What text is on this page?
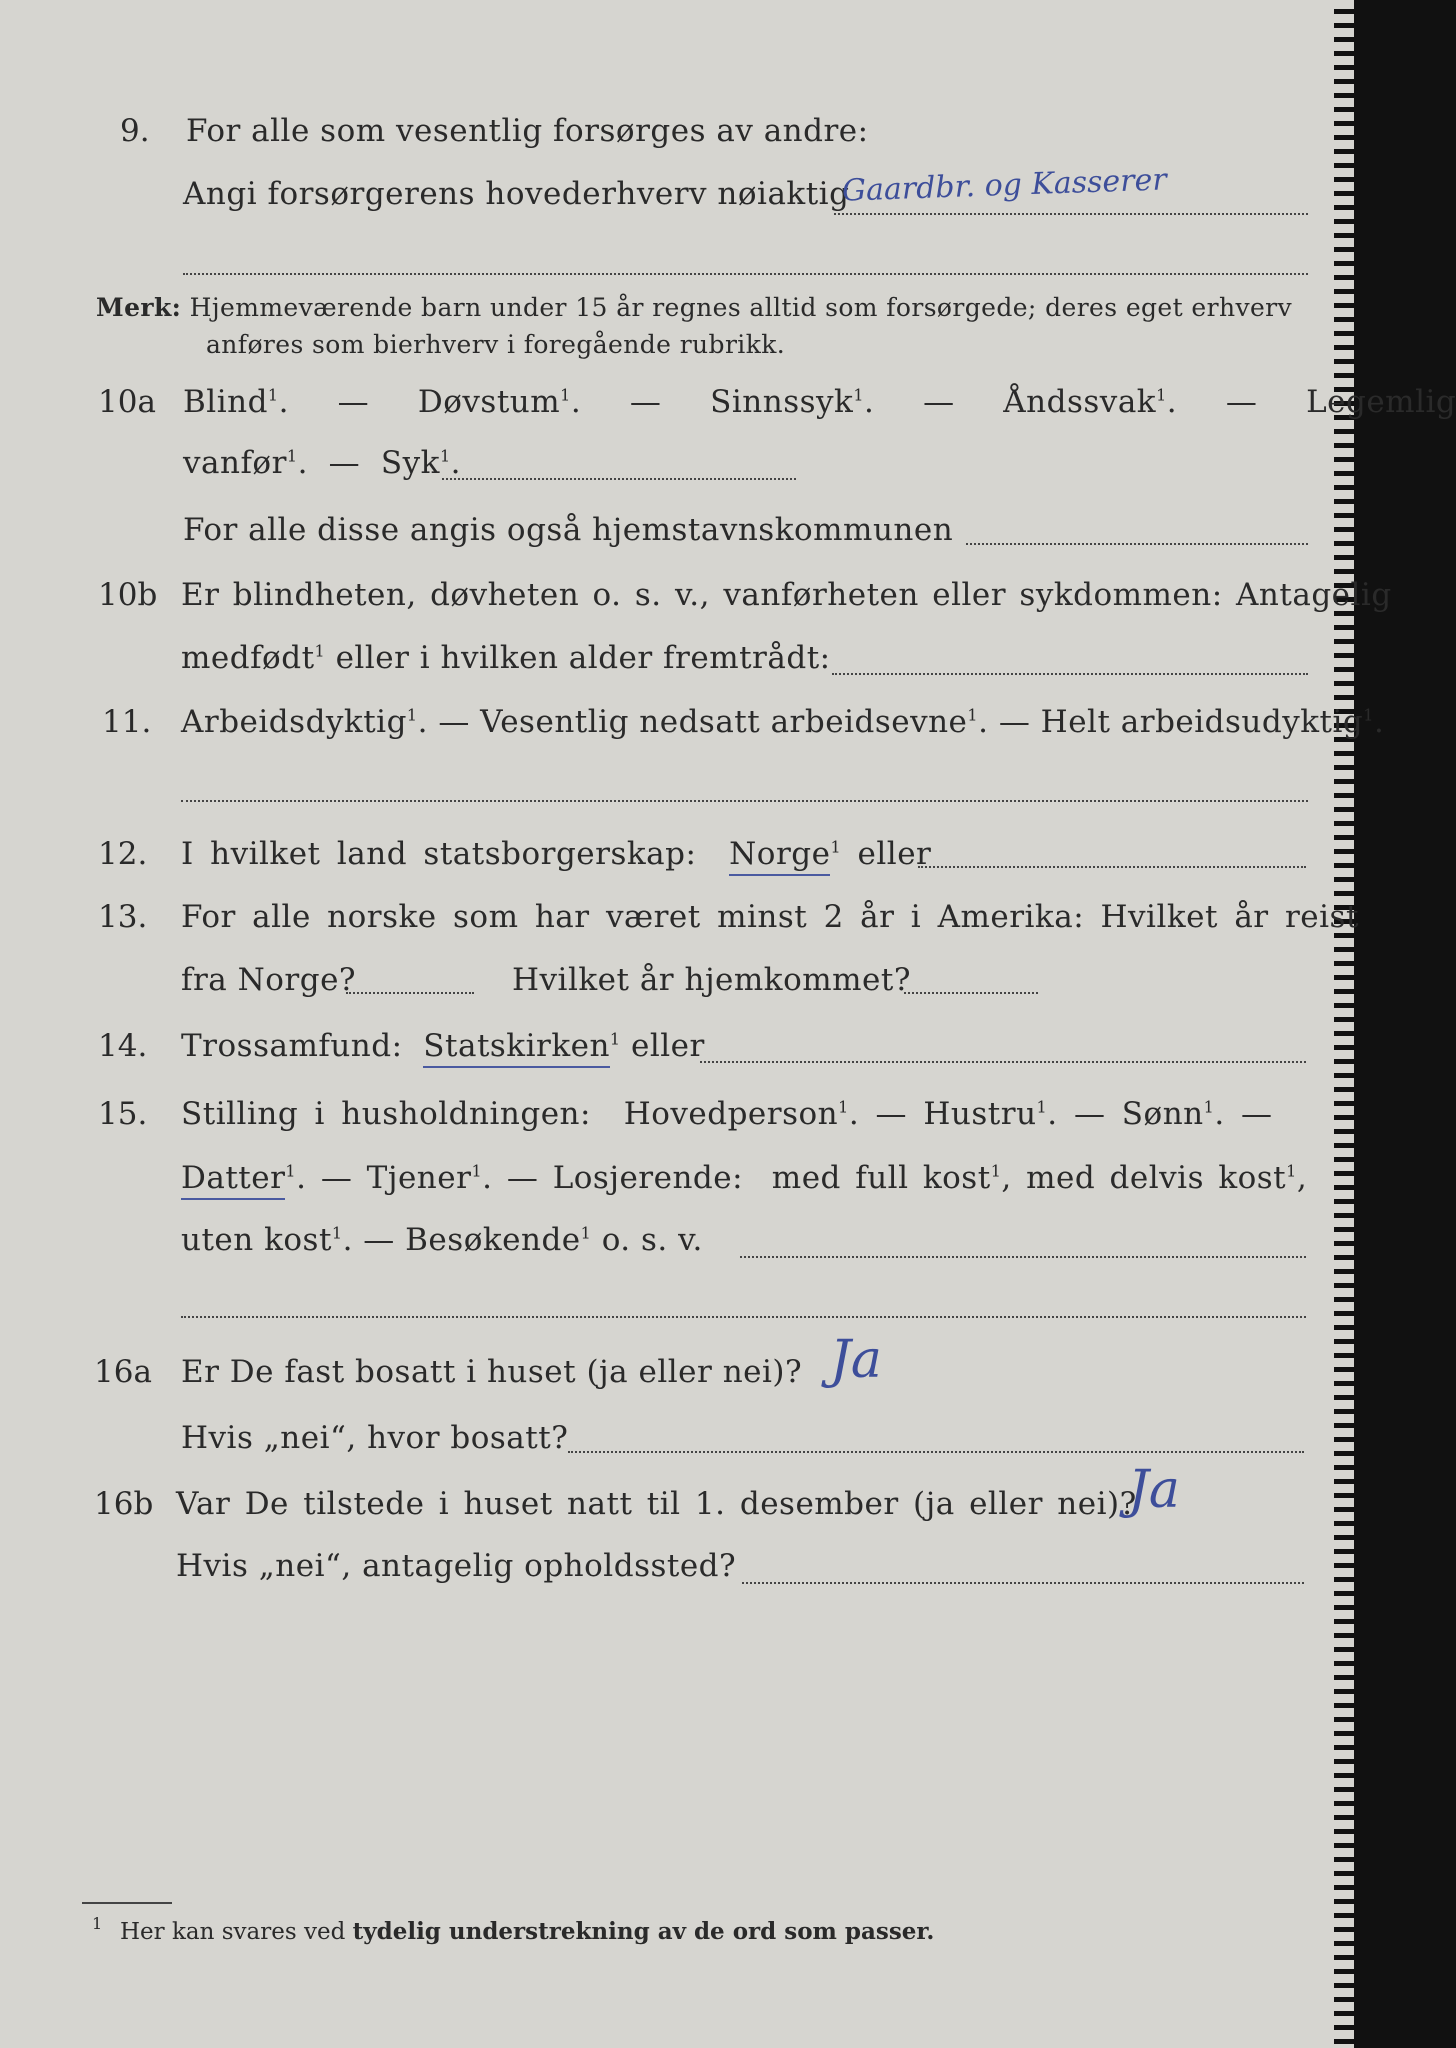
9. For alle som vesentlig forsørges av andre:
Angi forsørgerens hovederhverv nøiaktig
Gaardbr. og Kasserer
Merk: Hjemmeværende barn under 15 år regnes alltid som forsørgede; deres eget erhverv
anføres som bierhverv i foregående rubrikk.
10a Blind$^1$.  —  Døvstum$^1$.  —  Sinnssyk$^1$.  —  Åndssvak$^1$.  —  Legemlig
vanfør$^1$.  —  Syk$^1$.
For alle disse angis også hjemstavnskommunen
10b Er blindheten, døvheten o. s. v., vanførheten eller sykdommen: Antagelig
medfødt$^1$ eller i hvilken alder fremtrådt:
11. Arbeidsdyktig$^1$. — Vesentlig nedsatt arbeidsevne$^1$. — Helt arbeidsudyktig$^1$.
12. I hvilket land statsborgerskap: Norge$^1$ eller
13. For alle norske som har været minst 2 år i Amerika: Hvilket år reist
fra Norge?	Hvilket år hjemkommet?
14. Trossamfund: Statskirken$^1$ eller
15. Stilling i husholdningen: Hovedperson$^1$. — Hustru$^1$. — Sønn$^1$. —
Datter$^1$. — Tjener$^1$. — Losjerende: med full kost$^1$, med delvis kost$^1$,
uten kost$^1$. — Besøkende$^1$ o. s. v.
16a Er De fast bosatt i huset (ja eller nei)? Ja
Hvis „nei“, hvor bosatt?
16b Var De tilstede i huset natt til 1. desember (ja eller nei)?
Ja
Hvis „nei“, antagelig opholdssted?
1 Her kan svares ved tydelig understrekning av de ord som passer.
